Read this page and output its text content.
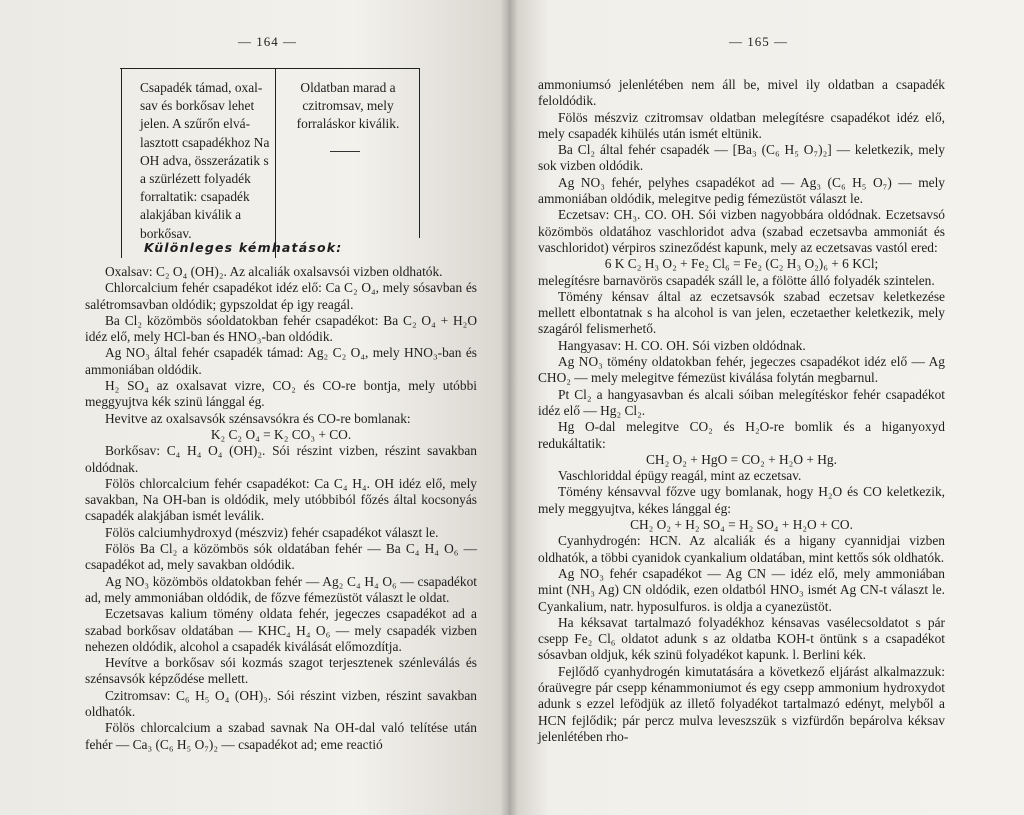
— 164 —

Csapadék támad, oxalsav és borkősav lehet jelen. A szűrőn elválasztott csapadékhoz Na OH adva, összerázatik s a szürlézett folyadék forraltatik: csapadék alakjában kiválik a borkősav.

Oldatban marad a czitromsav, mely forraláskor kiválik.

Különleges kémhatások:

Oxalsav: C₂ O₄ (OH)₂. Az alcaliák oxalsavsói vizben oldhatók.

Chlorcalcium fehér csapadékot idéz elő: Ca C₂ O₄, mely sósavban és salétromsavban oldódik; gypszoldat ép igy reagál.

Ba Cl₂ közömbös sóoldatokban fehér csapadékot: Ba C₂ O₄ + H₂O idéz elő, mely HCl-ban és HNO₃-ban oldódik.

Ag NO₃ által fehér csapadék támad: Ag₂ C₂ O₄, mely HNO₃-ban és ammoniában oldódik.

H₂ SO₄ az oxalsavat vizre, CO₂ és CO-re bontja, mely utóbbi meggyujtva kék szinü lánggal ég.

Hevitve az oxalsavsók szénsavsókra és CO-re bomlanak:

K₂ C₂ O₄ = K₂ CO₃ + CO.

Borkősav: C₄ H₄ O₄ (OH)₂. Sói részint vizben, részint savakban oldódnak.

Fölös chlorcalcium fehér csapadékot: Ca C₄ H₄. OH idéz elő, mely savakban, Na OH-ban is oldódik, mely utóbbiból főzés által kocsonyás csapadék alakjában ismét leválik.

Fölös calciumhydroxyd (mészviz) fehér csapadékot választ le.

Fölös Ba Cl₂ a közömbös sók oldatában fehér — Ba C₄ H₄ O₆ — csapadékot ad, mely savakban oldódik.

Ag NO₃ közömbös oldatokban fehér — Ag₂ C₄ H₄ O₆ — csapadékot ad, mely ammoniában oldódik, de főzve fémezüstöt választ le oldat.

Eczetsavas kalium tömény oldata fehér, jegeczes csapadékot ad a szabad borkősav oldatában — KHC₄ H₄ O₆ — mely csapadék vizben nehezen oldódik, alcohol a csapadék kiválását előmozdítja.

Hevítve a borkősav sói kozmás szagot terjesztenek szénleválás és szénsavsók képződése mellett.

Czitromsav: C₆ H₅ O₄ (OH)₃. Sói részint vizben, részint savakban oldhatók.

Fölös chlorcalcium a szabad savnak Na OH-dal való telítése után fehér — Ca₃ (C₆ H₅ O₇)₂ — csapadékot ad; eme reactió

— 165 —

ammoniumsó jelenlétében nem áll be, mivel ily oldatban a csapadék feloldódik.

Fölös mészviz czitromsav oldatban melegítésre csapadékot idéz elő, mely csapadék kihülés után ismét eltünik.

Ba Cl₂ által fehér csapadék — [Ba₃ (C₆ H₅ O₇)₂] — keletkezik, mely sok vizben oldódik.

Ag NO₃ fehér, pelyhes csapadékot ad — Ag₃ (C₆ H₅ O₇) — mely ammoniában oldódik, melegitve pedig fémezüstöt választ le.

Eczetsav: CH₃. CO. OH. Sói vizben nagyobbára oldódnak. Eczetsavsó közömbös oldatához vaschloridot adva (szabad eczetsavba ammoniát és vaschloridot) vérpiros szineződést kapunk, mely az eczetsavas vastól ered:

6 K C₂ H₃ O₂ + Fe₂ Cl₆ = Fe₂ (C₂ H₃ O₂)₆ + 6 KCl;

melegítésre barnavörös csapadék száll le, a fölötte álló folyadék szintelen.

Tömény kénsav által az eczetsavsók szabad eczetsav keletkezése mellett elbontatnak s ha alcohol is van jelen, eczetaether keletkezik, mely szagáról felismerhető.

Hangyasav: H. CO. OH. Sói vizben oldódnak.

Ag NO₃ tömény oldatokban fehér, jegeczes csapadékot idéz elő — Ag CHO₂ — mely melegitve fémezüst kiválása folytán megbarnul.

Pt Cl₂ a hangyasavban és alcali sóiban melegítéskor fehér csapadékot idéz elő — Hg₂ Cl₂.

Hg O-dal melegitve CO₂ és H₂O-re bomlik és a higanyoxyd redukáltatik:

CH₂ O₂ + HgO = CO₂ + H₂O + Hg.

Vaschloriddal épügy reagál, mint az eczetsav.

Tömény kénsavval főzve ugy bomlanak, hogy H₂O és CO keletkezik, mely meggyujtva, kékes lánggal ég:

CH₂ O₂ + H₂ SO₄ = H₂ SO₄ + H₂O + CO.

Cyanhydrogén: HCN. Az alcaliák és a higany cyannidjai vizben oldhatók, a többi cyanidok cyankalium oldatában, mint kettős sók oldhatók.

Ag NO₃ fehér csapadékot — Ag CN — idéz elő, mely ammoniában mint (NH₃ Ag) CN oldódik, ezen oldatból HNO₃ ismét Ag CN-t választ le. Cyankalium, natr. hyposulfuros. is oldja a cyanezüstöt.

Ha kéksavat tartalmazó folyadékhoz kénsavas vasélecsoldatot s pár csepp Fe₂ Cl₆ oldatot adunk s az oldatba KOH-t öntünk s a csapadékot sósavban oldjuk, kék szinü folyadékot kapunk. l. Berlini kék.

Fejlődő cyanhydrogén kimutatására a következő eljárást alkalmazzuk: óraüvegre pár csepp kénammoniumot és egy csepp ammonium hydroxydot adunk s ezzel lefödjük az illető folyadékot tartalmazó edényt, melyből a HCN fejlődik; pár percz mulva leveszszük s vizfürdőn bepárolva kéksav jelenlétében rho-
